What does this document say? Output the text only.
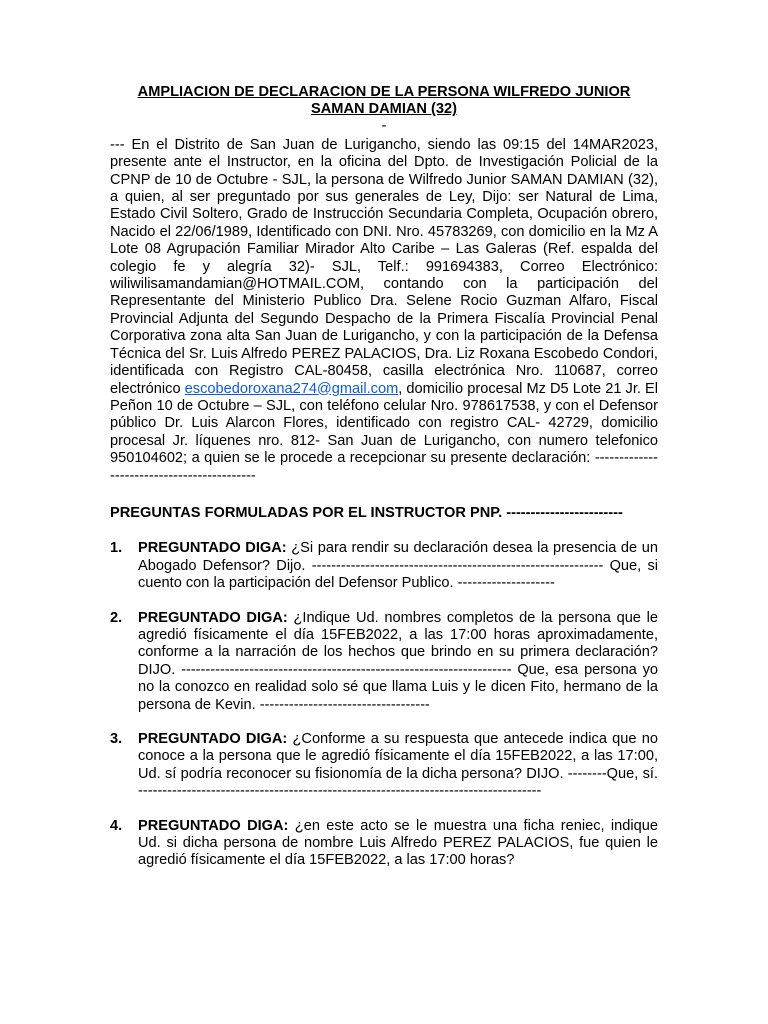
AMPLIACION DE DECLARACION DE LA PERSONA WILFREDO JUNIOR
SAMAN DAMIAN (32)

-

--- En el Distrito de San Juan de Lurigancho, siendo las 09:15 del 14MAR2023, presente ante el Instructor, en la oficina del Dpto. de Investigación Policial de la CPNP de 10 de Octubre - SJL, la persona de Wilfredo Junior SAMAN DAMIAN (32), a quien, al ser preguntado por sus generales de Ley, Dijo: ser Natural de Lima, Estado Civil Soltero, Grado de Instrucción Secundaria Completa, Ocupación obrero, Nacido el 22/06/1989, Identificado con DNI. Nro. 45783269, con domicilio en la Mz A Lote 08 Agrupación Familiar Mirador Alto Caribe – Las Galeras (Ref. espalda del colegio fe y alegría 32)- SJL, Telf.: 991694383, Correo Electrónico: wiliwilisamandamian@HOTMAIL.COM, contando con la participación del Representante del Ministerio Publico Dra. Selene Rocio Guzman Alfaro, Fiscal Provincial Adjunta del Segundo Despacho de la Primera Fiscalía Provincial Penal Corporativa zona alta San Juan de Lurigancho, y con la participación de la Defensa Técnica del Sr. Luis Alfredo PEREZ PALACIOS, Dra. Liz Roxana Escobedo Condori, identificada con Registro CAL-80458, casilla electrónica Nro. 110687, correo electrónico escobedoroxana274@gmail.com, domicilio procesal Mz D5 Lote 21 Jr. El Peñon 10 de Octubre – SJL, con teléfono celular Nro. 978617538, y con el Defensor público Dr. Luis Alarcon Flores, identificado con registro CAL- 42729, domicilio procesal Jr. líquenes nro. 812- San Juan de Lurigancho, con numero telefonico 950104602; a quien se le procede a recepcionar su presente declaración: -------------------------------------------

PREGUNTAS FORMULADAS POR EL INSTRUCTOR PNP. ------------------------

1. PREGUNTADO DIGA: ¿Si para rendir su declaración desea la presencia de un Abogado Defensor? Dijo. ------------------------------------------------------------ Que, si cuento con la participación del Defensor Publico. --------------------
2. PREGUNTADO DIGA: ¿Indique Ud. nombres completos de la persona que le agredió físicamente el día 15FEB2022, a las 17:00 horas aproximadamente, conforme a la narración de los hechos que brindo en su primera declaración? DIJO. -------------------------------------------------------------------- Que, esa persona yo no la conozco en realidad solo sé que llama Luis y le dicen Fito, hermano de la persona de Kevin. -----------------------------------
3. PREGUNTADO DIGA: ¿Conforme a su respuesta que antecede indica que no conoce a la persona que le agredió físicamente el día 15FEB2022, a las 17:00, Ud. sí podría reconocer su fisionomía de la dicha persona? DIJO. --------Que, sí. -----------------------------------------------------------------------------------
4. PREGUNTADO DIGA: ¿en este acto se le muestra una ficha reniec, indique Ud. si dicha persona de nombre Luis Alfredo PEREZ PALACIOS, fue quien le agredió físicamente el día 15FEB2022, a las 17:00 horas?
